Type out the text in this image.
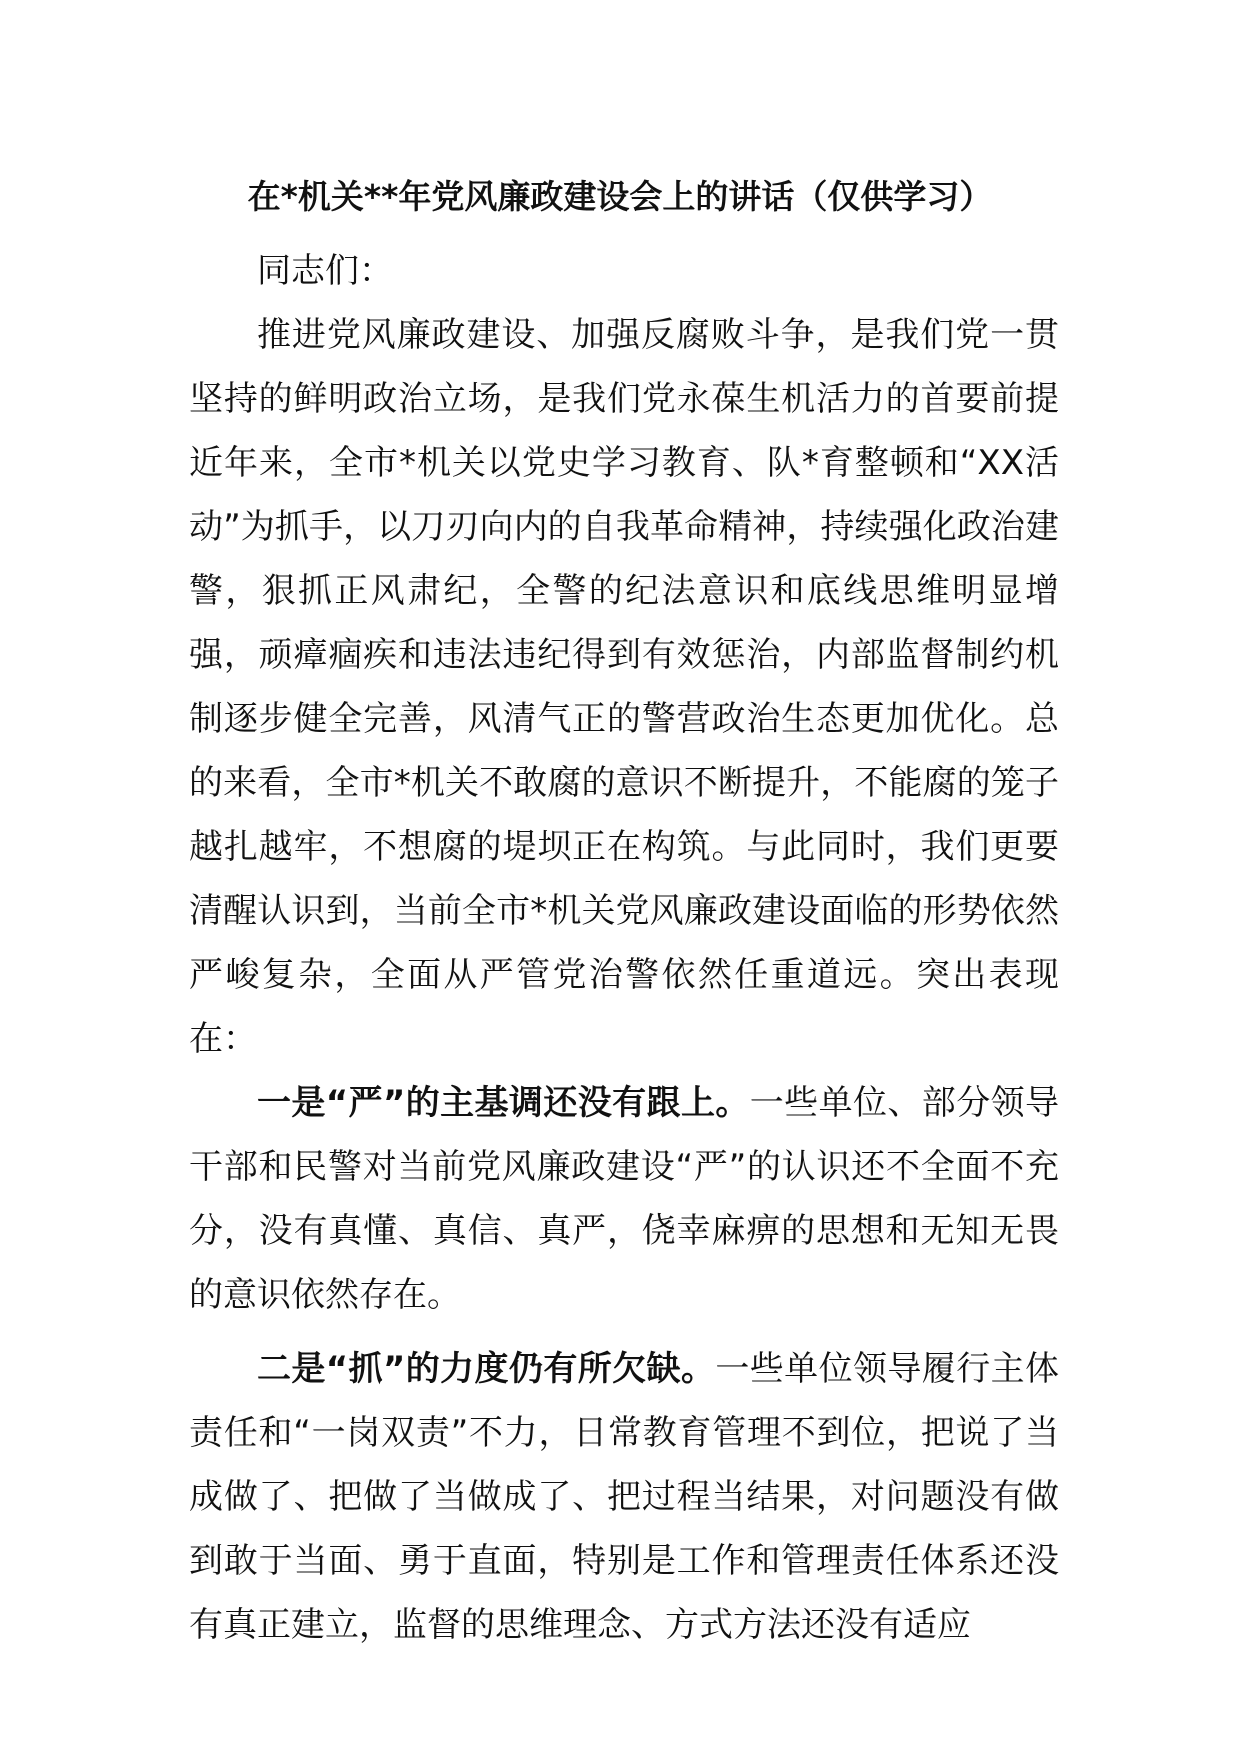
在*机关**年党风廉政建设会上的讲话（仅供学习）

同志们：

推进党风廉政建设、加强反腐败斗争，是我们党一贯坚持的鲜明政治立场，是我们党永葆生机活力的首要前提近年来，全市*机关以党史学习教育、队*育整顿和“XX活动”为抓手，以刀刃向内的自我革命精神，持续强化政治建警，狠抓正风肃纪，全警的纪法意识和底线思维明显增强，顽瘴痼疾和违法违纪得到有效惩治，内部监督制约机制逐步健全完善，风清气正的警营政治生态更加优化。总的来看，全市*机关不敢腐的意识不断提升，不能腐的笼子越扎越牢，不想腐的堤坝正在构筑。与此同时，我们更要清醒认识到，当前全市*机关党风廉政建设面临的形势依然严峻复杂，全面从严管党治警依然任重道远。突出表现在：

一是“严”的主基调还没有跟上。一些单位、部分领导干部和民警对当前党风廉政建设“严”的认识还不全面不充分，没有真懂、真信、真严，侥幸麻痹的思想和无知无畏的意识依然存在。

二是“抓”的力度仍有所欠缺。一些单位领导履行主体责任和“一岗双责”不力，日常教育管理不到位，把说了当成做了、把做了当做成了、把过程当结果，对问题没有做到敢于当面、勇于直面，特别是工作和管理责任体系还没有真正建立，监督的思维理念、方式方法还没有适应
